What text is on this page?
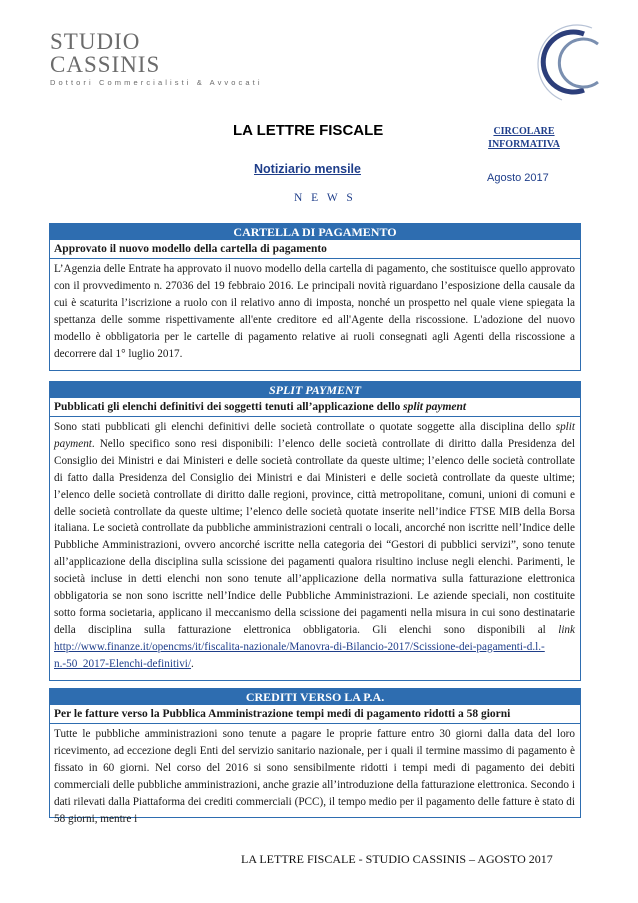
STUDIO CASSINIS
Dottori Commercialisti & Avvocati
LA LETTRE FISCALE
Notiziario mensile
N E W S
CIRCOLARE INFORMATIVA
Agosto 2017
CARTELLA DI PAGAMENTO
Approvato il nuovo modello della cartella di pagamento
L’Agenzia delle Entrate ha approvato il nuovo modello della cartella di pagamento, che sostituisce quello approvato con il provvedimento n. 27036 del 19 febbraio 2016. Le principali novità riguardano l’esposizione della causale da cui è scaturita l’iscrizione a ruolo con il relativo anno di imposta, nonché un prospetto nel quale viene spiegata la spettanza delle somme rispettivamente all'ente creditore ed all'Agente della riscossione. L'adozione del nuovo modello è obbligatoria per le cartelle di pagamento relative ai ruoli consegnati agli Agenti della riscossione a decorrere dal 1° luglio 2017.
SPLIT PAYMENT
Pubblicati gli elenchi definitivi dei soggetti tenuti all’applicazione dello split payment
Sono stati pubblicati gli elenchi definitivi delle società controllate o quotate soggette alla disciplina dello split payment. Nello specifico sono resi disponibili: l’elenco delle società controllate di diritto dalla Presidenza del Consiglio dei Ministri e dai Ministeri e delle società controllate da queste ultime; l’elenco delle società controllate di fatto dalla Presidenza del Consiglio dei Ministri e dai Ministeri e delle società controllate da queste ultime; l’elenco delle società controllate di diritto dalle regioni, province, città metropolitane, comuni, unioni di comuni e delle società controllate da queste ultime; l’elenco delle società quotate inserite nell’indice FTSE MIB della Borsa italiana. Le società controllate da pubbliche amministrazioni centrali o locali, ancorché non iscritte nell’Indice delle Pubbliche Amministrazioni, ovvero ancorché iscritte nella categoria dei “Gestori di pubblici servizi”, sono tenute all’applicazione della disciplina sulla scissione dei pagamenti qualora risultino incluse negli elenchi. Parimenti, le società incluse in detti elenchi non sono tenute all’applicazione della normativa sulla fatturazione elettronica obbligatoria se non sono iscritte nell’Indice delle Pubbliche Amministrazioni. Le aziende speciali, non costituite sotto forma societaria, applicano il meccanismo della scissione dei pagamenti nella misura in cui sono destinatarie della disciplina sulla fatturazione elettronica obbligatoria. Gli elenchi sono disponibili al link http://www.finanze.it/opencms/it/fiscalita-nazionale/Manovra-di-Bilancio-2017/Scissione-dei-pagamenti-d.l.-n.-50_2017-Elenchi-definitivi/.
CREDITI VERSO LA P.A.
Per le fatture verso la Pubblica Amministrazione tempi medi di pagamento ridotti a 58 giorni
Tutte le pubbliche amministrazioni sono tenute a pagare le proprie fatture entro 30 giorni dalla data del loro ricevimento, ad eccezione degli Enti del servizio sanitario nazionale, per i quali il termine massimo di pagamento è fissato in 60 giorni. Nel corso del 2016 si sono sensibilmente ridotti i tempi medi di pagamento dei debiti commerciali delle pubbliche amministrazioni, anche grazie all’introduzione della fatturazione elettronica. Secondo i dati rilevati dalla Piattaforma dei crediti commerciali (PCC), il tempo medio per il pagamento delle fatture è stato di 58 giorni, mentre i
LA LETTRE FISCALE - STUDIO CASSINIS – AGOSTO 2017
